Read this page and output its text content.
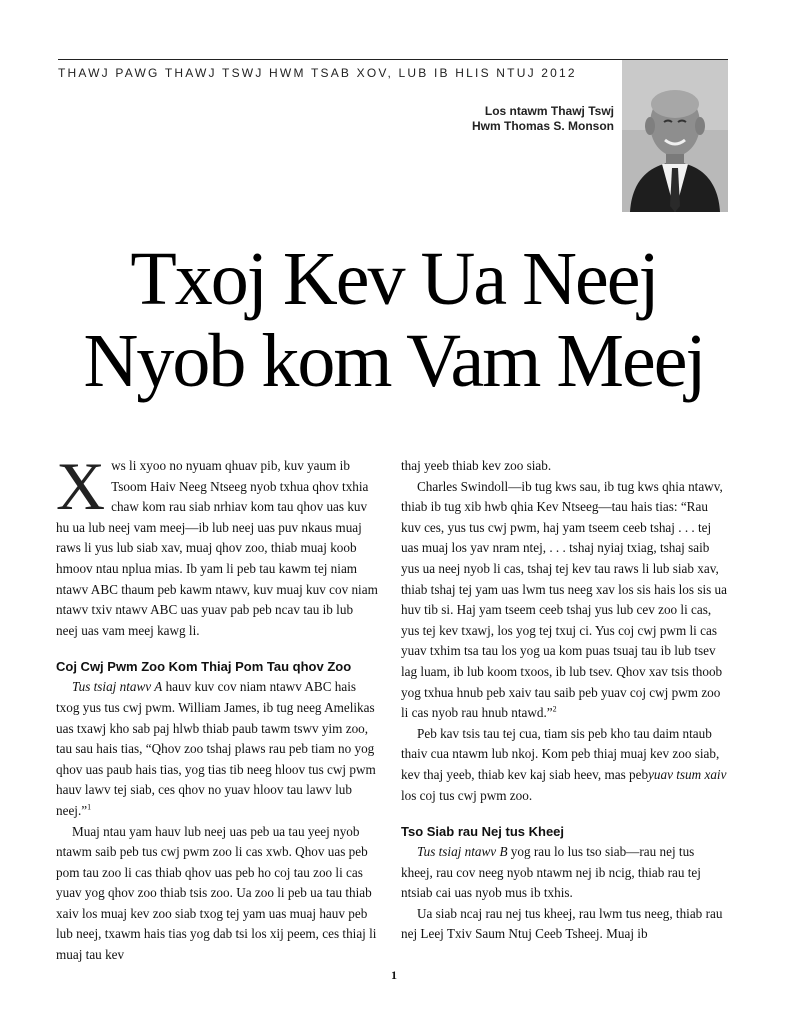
THAWJ PAWG THAWJ TSWJ HWM TSAB XOV, LUB IB HLIS NTUJ 2012
Los ntawm Thawj Tswj
Hwm Thomas S. Monson
Txoj Kev Ua Neej
Nyob kom Vam Meej

Xws li xyoo no nyuam qhuav pib, kuv yaum ib Tsoom Haiv Neeg Ntseeg nyob txhua qhov txhia chaw kom rau siab nrhiav kom tau qhov uas kuv hu ua lub neej vam meej—ib lub neej uas puv nkaus muaj raws li yus lub siab xav, muaj qhov zoo, thiab muaj koob hmoov ntau nplua mias. Ib yam li peb tau kawm tej niam ntawv ABC thaum peb kawm ntawv, kuv muaj kuv cov niam ntawv txiv ntawv ABC uas yuav pab peb ncav tau ib lub neej uas vam meej kawg li.

Coj Cwj Pwm Zoo Kom Thiaj Pom Tau qhov Zoo

Tus tsiaj ntawv A hauv kuv cov niam ntawv ABC hais txog yus tus cwj pwm. William James, ib tug neeg Amelikas uas txawj kho sab paj hlwb thiab paub tawm tswv yim zoo, tau sau hais tias, “Qhov zoo tshaj plaws rau peb tiam no yog qhov uas paub hais tias, yog tias tib neeg hloov tus cwj pwm hauv lawv tej siab, ces qhov no yuav hloov tau lawv lub neej.”$^1$

Muaj ntau yam hauv lub neej uas peb ua tau yeej nyob ntawm saib peb tus cwj pwm zoo li cas xwb. Qhov uas peb pom tau zoo li cas thiab qhov uas peb ho coj tau zoo li cas yuav yog qhov zoo thiab tsis zoo. Ua zoo li peb ua tau thiab xaiv los muaj kev zoo siab txog tej yam uas muaj hauv peb lub neej, txawm hais tias yog dab tsi los xij peem, ces thiaj li muaj tau kev

thaj yeeb thiab kev zoo siab.

Charles Swindoll—ib tug kws sau, ib tug kws qhia ntawv, thiab ib tug xib hwb qhia Kev Ntseeg—tau hais tias: “Rau kuv ces, yus tus cwj pwm, haj yam tseem ceeb tshaj . . . tej uas muaj los yav nram ntej, . . . tshaj nyiaj txiag, tshaj saib yus ua neej nyob li cas, tshaj tej kev tau raws li lub siab xav, thiab tshaj tej yam uas lwm tus neeg xav los sis hais los sis ua huv tib si. Haj yam tseem ceeb tshaj yus lub cev zoo li cas, yus tej kev txawj, los yog tej txuj ci. Yus coj cwj pwm li cas yuav txhim tsa tau los yog ua kom puas tsuaj tau ib lub tsev lag luam, ib lub koom txoos, ib lub tsev. Qhov xav tsis thoob yog txhua hnub peb xaiv tau saib peb yuav coj cwj pwm zoo li cas nyob rau hnub ntawd.”$^2$

Peb kav tsis tau tej cua, tiam sis peb kho tau daim ntaub thaiv cua ntawm lub nkoj. Kom peb thiaj muaj kev zoo siab, kev thaj yeeb, thiab kev kaj siab heev, mas pebyuav tsum xaiv los coj tus cwj pwm zoo.

Tso Siab rau Nej tus Kheej

Tus tsiaj ntawv B yog rau lo lus tso siab—rau nej tus kheej, rau cov neeg nyob ntawm nej ib ncig, thiab rau tej ntsiab cai uas nyob mus ib txhis.

Ua siab ncaj rau nej tus kheej, rau lwm tus neeg, thiab rau nej Leej Txiv Saum Ntuj Ceeb Tsheej. Muaj ib

1
